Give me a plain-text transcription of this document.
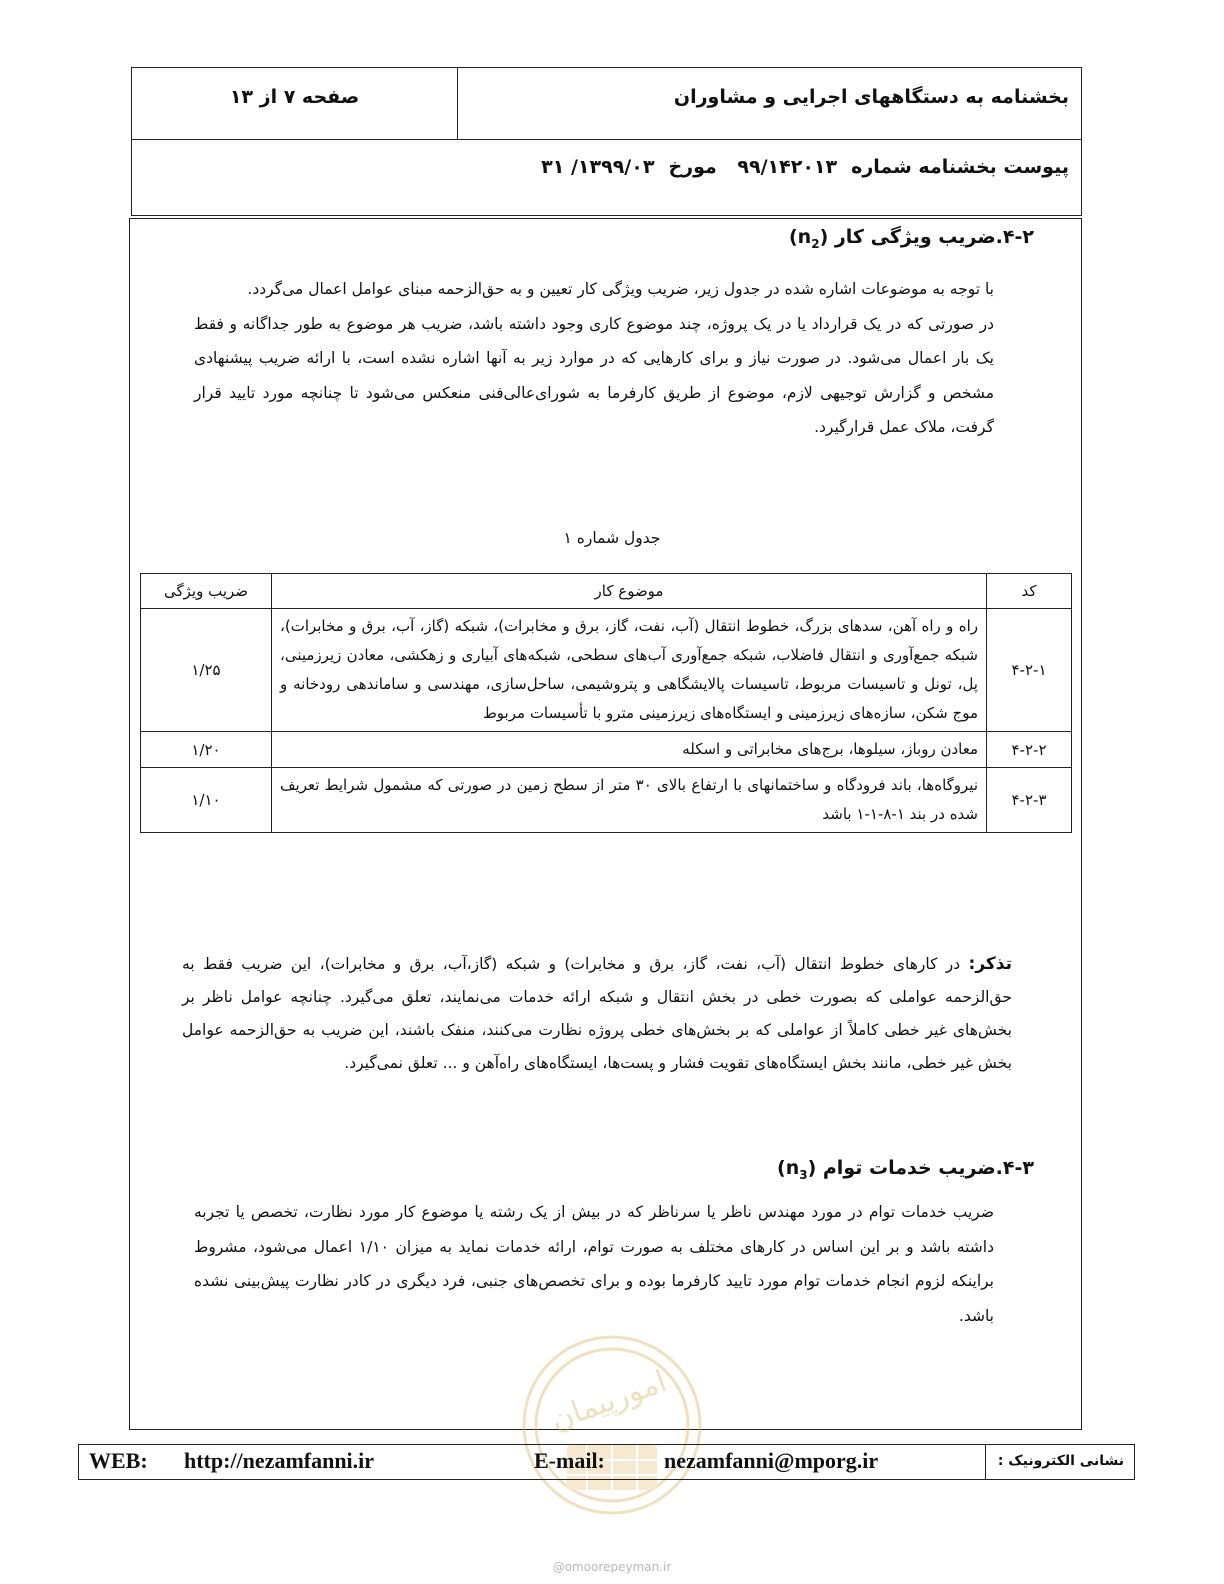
بخشنامه به دستگاههای اجرایی و مشاوران
صفحه ۷ از ۱۳
پیوست بخشنامه شماره۹۹/۱۴۲۰۱۳ مورخ۱۳۹۹/۰۳/ ۳۱
۴-۲.ضریب ویژگی کار $(n_2)$

با توجه به موضوعات اشاره شده در جدول زیر، ضریب ویژگی کار تعیین و به حق‌الزحمه مبنای عوامل اعمال می‌گردد.

در صورتی که در یک قرارداد یا در یک پروژه، چند موضوع کاری وجود داشته باشد، ضریب هر موضوع به طور جداگانه و فقط یک بار اعمال می‌شود. در صورت نیاز و برای کارهایی که در موارد زیر به آنها اشاره نشده است، با ارائه ضریب پیشنهادی مشخص و گزارش توجیهی لازم، موضوع از طریق کارفرما به شورای‌عالی‌فنی منعکس می‌شود تا چنانچه مورد تایید قرار گرفت، ملاک عمل قرارگیرد.

جدول شماره ۱
کد	موضوع کار	ضریب ویژگی
۴-۲-۱	راه و راه آهن، سدهای بزرگ، خطوط انتقال (آب، نفت، گاز، برق و مخابرات)، شبکه (گاز، آب، برق و مخابرات)، شبکه جمع‌آوری و انتقال فاضلاب، شبکه جمع‌آوری آب‌های سطحی، شبکه‌های آبیاری و زهکشی، معادن زیرزمینی، پل، تونل و تاسیسات مربوط، تاسیسات پالایشگاهی و پتروشیمی، ساحل‌سازی، مهندسی و ساماندهی رودخانه و موج شکن، سازه‌های زیرزمینی و ایستگاه‌های زیرزمینی مترو با تأسیسات مربوط	۱/۲۵
۴-۲-۲	معادن روباز، سیلوها، برج‌های مخابراتی و اسکله	۱/۲۰
۴-۲-۳	نیروگاه‌ها، باند فرودگاه و ساختمانهای با ارتفاع بالای ۳۰ متر از سطح زمین در صورتی که مشمول شرایط تعریف شده در بند ۱-۸-۱-۱ باشد	۱/۱۰

تذکر: در کارهای خطوط انتقال (آب، نفت، گاز، برق و مخابرات) و شبکه (گاز،آب، برق و مخابرات)، این ضریب فقط به حق‌الزحمه عواملی که بصورت خطی در بخش انتقال و شبکه ارائه خدمات می‌نمایند، تعلق می‌گیرد. چنانچه عوامل ناظر بر بخش‌های غیر خطی کاملاً از عواملی که بر بخش‌های خطی پروژه نظارت می‌کنند، منفک باشند، این ضریب به حق‌الزحمه عوامل بخش غیر خطی، مانند بخش ایستگاه‌های تقویت فشار و پست‌ها، ایستگاه‌های راه‌آهن و ... تعلق نمی‌گیرد.

۴-۳.ضریب خدمات توام $(n_3)$

ضریب خدمات توام در مورد مهندس ناظر یا سرناظر که در بیش از یک رشته یا موضوع کار مورد نظارت، تخصص یا تجربه داشته باشد و بر این اساس در کارهای مختلف به صورت توام، ارائه خدمات نماید به میزان ۱/۱۰ اعمال می‌شود، مشروط براینکه لزوم انجام خدمات توام مورد تایید کارفرما بوده و برای تخصص‌های جنبی، فرد دیگری در کادر نظارت پیش‌بینی نشده باشد.

امورپیمان
@omoorepeyman.ir
WEB: http://nezamfanni.ir	E-mail:	nezamfanni@mporg.ir	نشانی الکترونیک :
